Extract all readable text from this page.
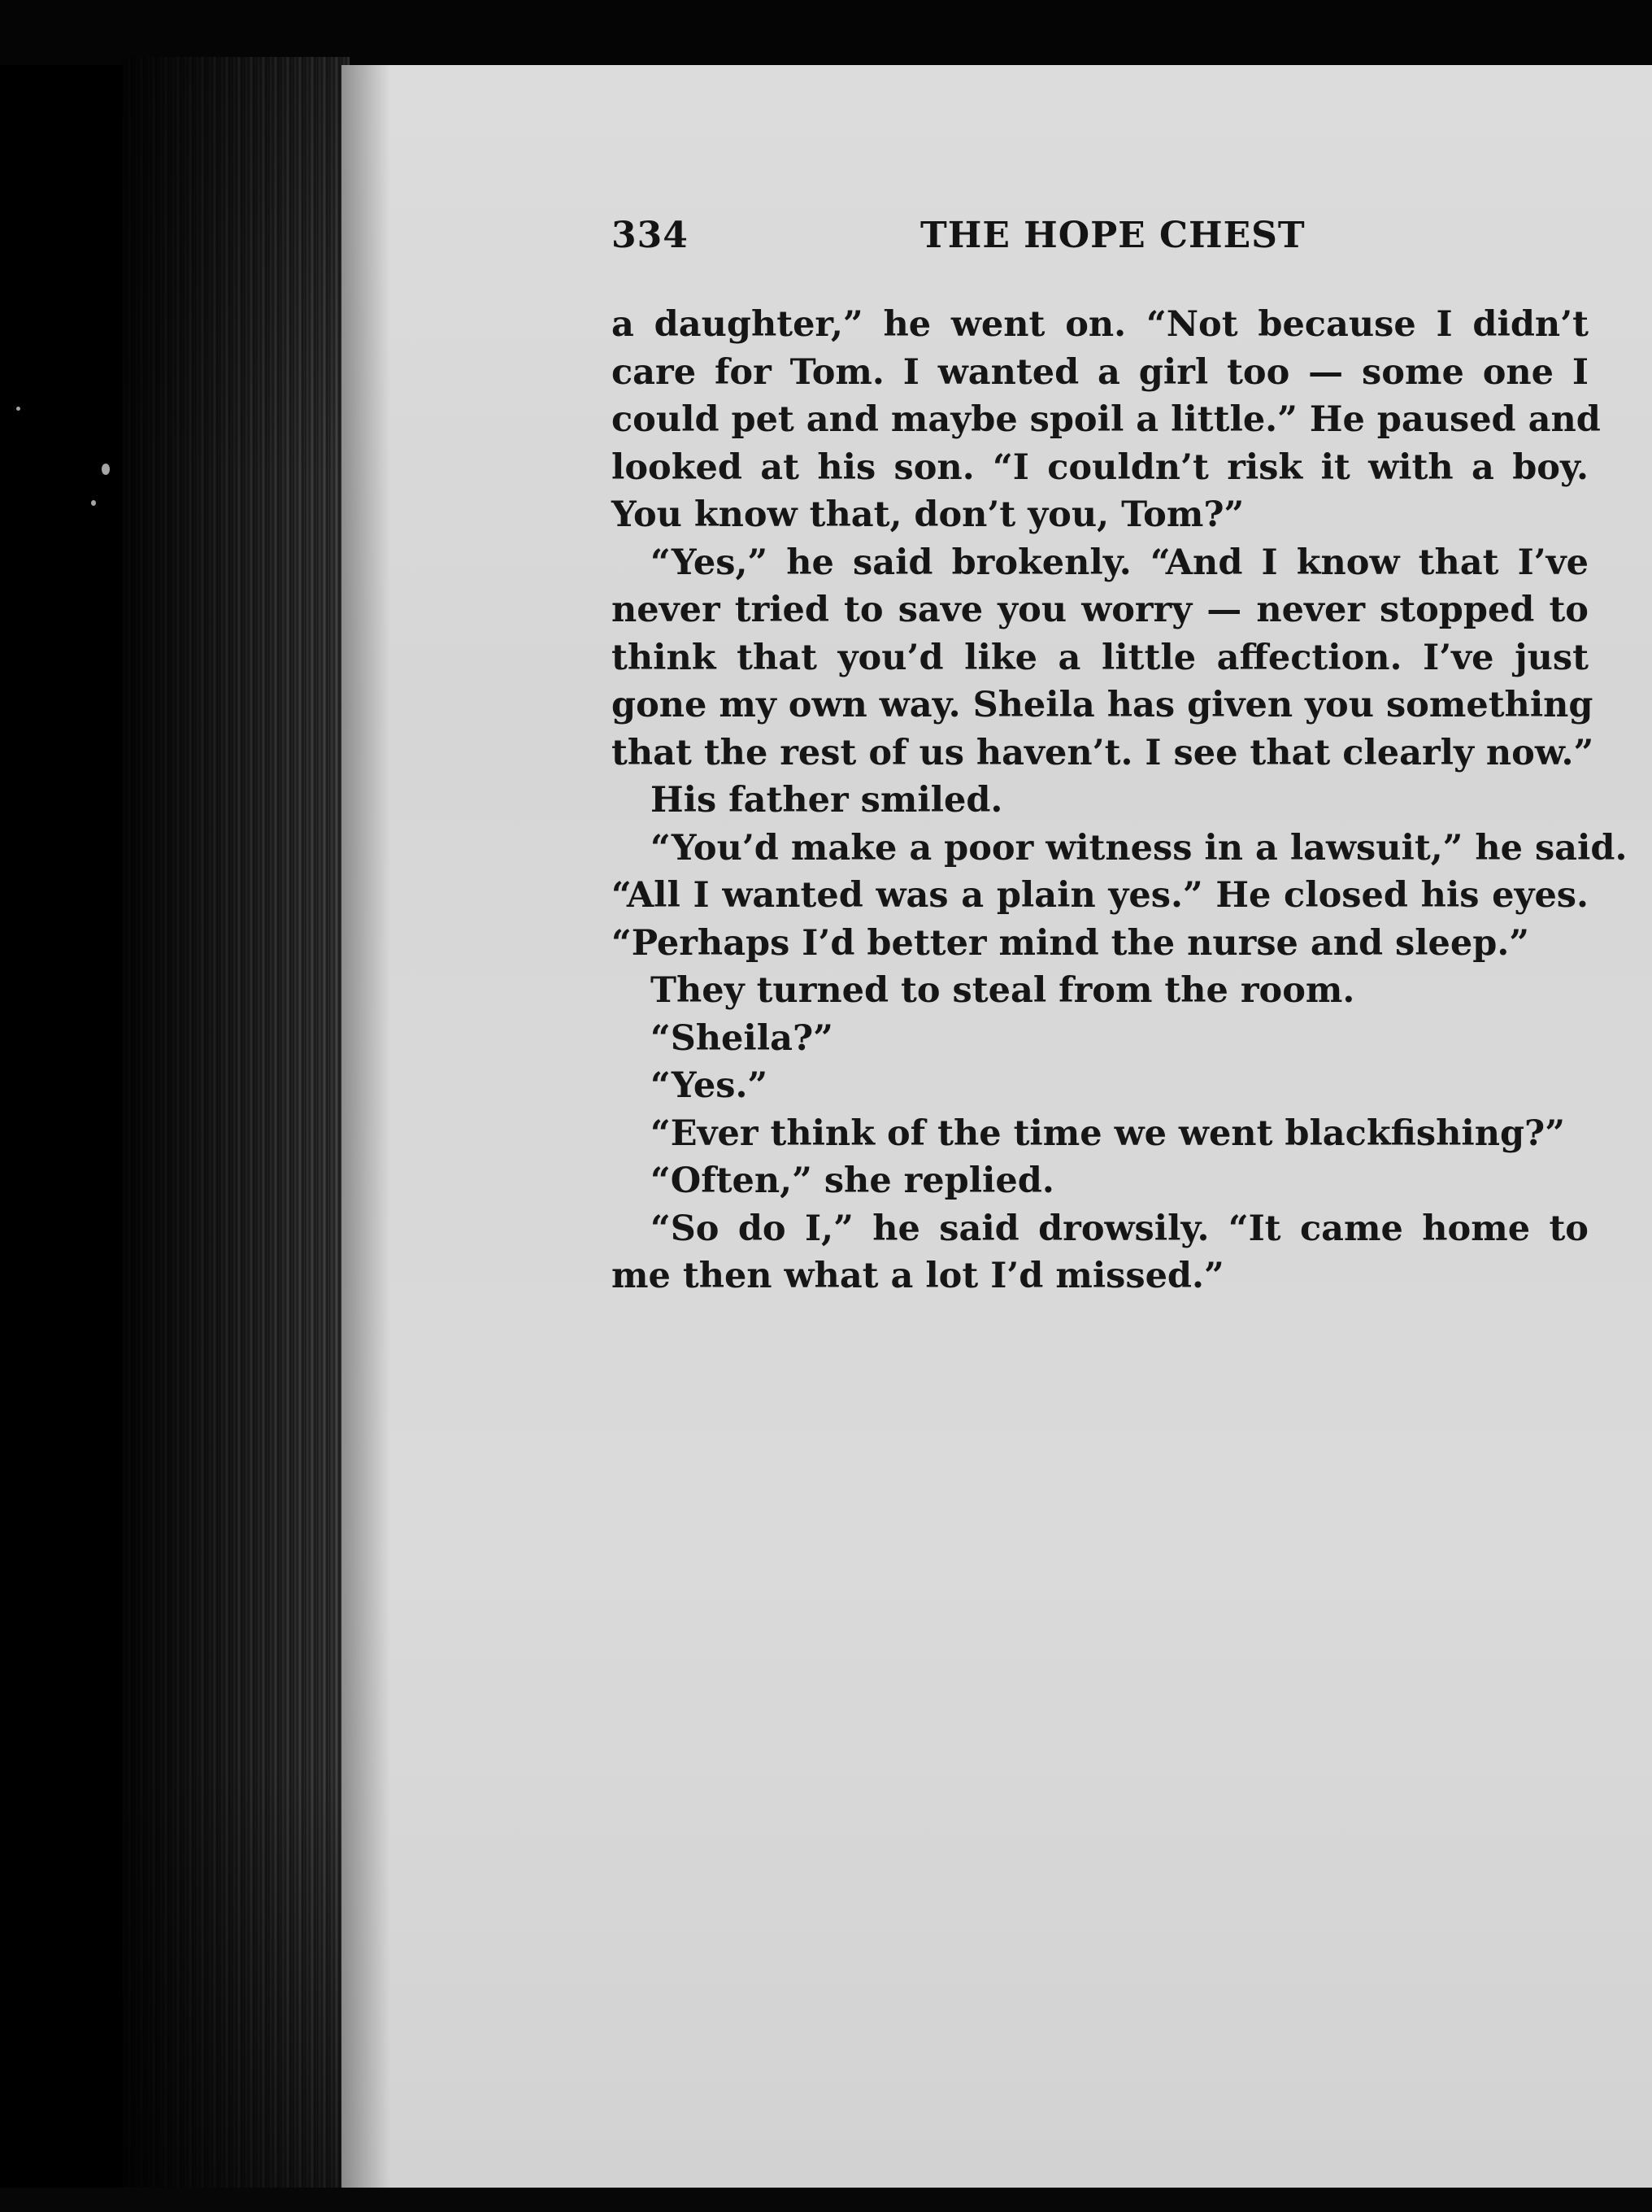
334	THE HOPE CHEST
a daughter,” he went on. “Not because I didn’t
care for Tom. I wanted a girl too — some one I
could pet and maybe spoil a little.” He paused and
looked at his son. “I couldn’t risk it with a boy.
You know that, don’t you, Tom?”
“Yes,” he said brokenly. “And I know that I’ve
never tried to save you worry — never stopped to
think that you’d like a little affection. I’ve just
gone my own way. Sheila has given you something
that the rest of us haven’t. I see that clearly now.”
His father smiled.
“You’d make a poor witness in a lawsuit,” he said.
“All I wanted was a plain yes.” He closed his eyes.
“Perhaps I’d better mind the nurse and sleep.”
They turned to steal from the room.
“Sheila?”
“Yes.”
“Ever think of the time we went blackfishing?”
“Often,” she replied.
“So do I,” he said drowsily. “It came home to
me then what a lot I’d missed.”
